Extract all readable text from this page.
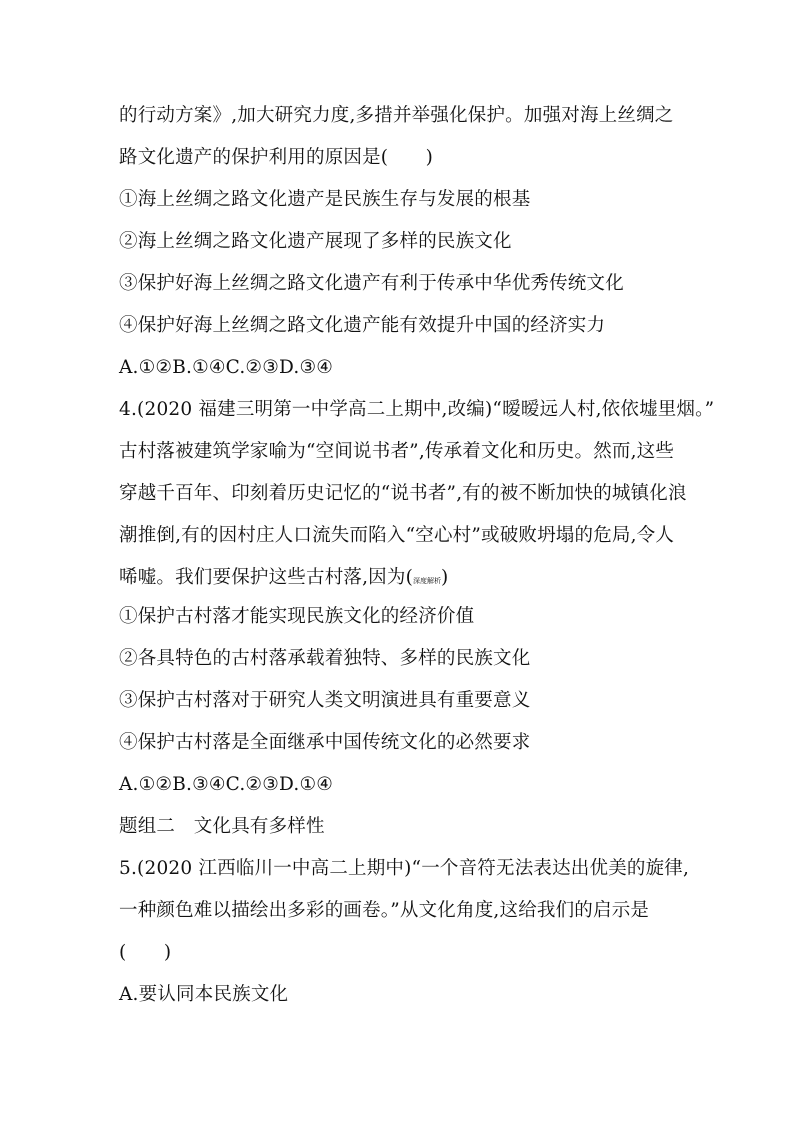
的行动方案》,加大研究力度,多措并举强化保护。加强对海上丝绸之
路文化遗产的保护利用的原因是(　　)
①海上丝绸之路文化遗产是民族生存与发展的根基
②海上丝绸之路文化遗产展现了多样的民族文化
③保护好海上丝绸之路文化遗产有利于传承中华优秀传统文化
④保护好海上丝绸之路文化遗产能有效提升中国的经济实力
A.①②B.①④C.②③D.③④
4.(2020 福建三明第一中学高二上期中,改编)“暧暧远人村,依依墟里烟。”
古村落被建筑学家喻为“空间说书者”,传承着文化和历史。然而,这些
穿越千百年、印刻着历史记忆的“说书者”,有的被不断加快的城镇化浪
潮推倒,有的因村庄人口流失而陷入“空心村”或破败坍塌的危局,令人
唏嘘。我们要保护这些古村落,因为(深度解析)
①保护古村落才能实现民族文化的经济价值
②各具特色的古村落承载着独特、多样的民族文化
③保护古村落对于研究人类文明演进具有重要意义
④保护古村落是全面继承中国传统文化的必然要求
A.①②B.③④C.②③D.①④
题组二　文化具有多样性
5.(2020 江西临川一中高二上期中)“一个音符无法表达出优美的旋律,
一种颜色难以描绘出多彩的画卷。”从文化角度,这给我们的启示是
(　　)
A.要认同本民族文化
